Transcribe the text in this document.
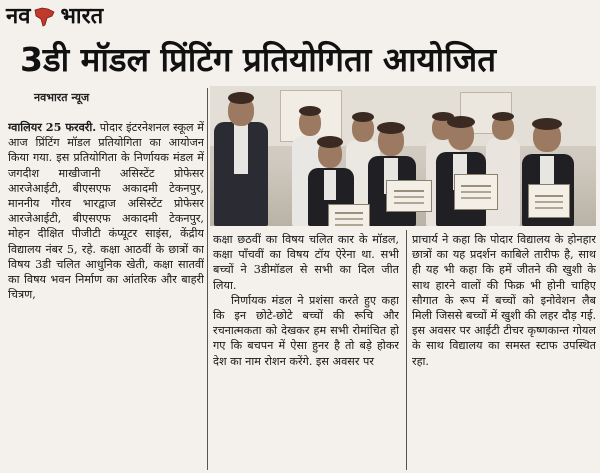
नव भारत
3डी मॉडल प्रिंटिंग प्रतियोगिता आयोजित
नवभारत न्यूज

ग्वालियर 25 फरवरी. पोदार इंटरनेशनल स्कूल में आज प्रिंटिंग मॉडल प्रतियोगिता का आयोजन किया गया. इस प्रतियोगिता के निर्णायक मंडल में जगदीश माखीजानी असिस्टेंट प्रोफेसर आरजेआईटी, बीएसएफ अकादमी टेकनपुर, माननीय गौरव भारद्वाज असिस्टेंट प्रोफेसर आरजेआईटी, बीएसएफ अकादमी टेकनपुर, मोहन दीक्षित पीजीटी कंप्यूटर साइंस, केंद्रीय विद्यालय नंबर 5, रहे. कक्षा आठवीं के छात्रों का विषय 3डी चलित आधुनिक खेती, कक्षा सातवीं का विषय भवन निर्माण का आंतरिक और बाहरी चित्रण,

कक्षा छठवीं का विषय चलित कार के मॉडल, कक्षा पाँचवीं का विषय टॉय ऐरेना था. सभी बच्चों ने 3डीमॉडल से सभी का दिल जीत लिया.

निर्णायक मंडल ने प्रशंसा करते हुए कहा कि इन छोटे-छोटे बच्चों की रूचि और रचनात्मकता को देखकर हम सभी रोमांचित हो गए कि बचपन में ऐसा हुनर है तो बड़े होकर देश का नाम रोशन करेंगे. इस अवसर पर

प्राचार्य ने कहा कि पोदार विद्यालय के होनहार छात्रों का यह प्रदर्शन काबिले तारीफ है, साथ ही यह भी कहा कि हमें जीतने की खुशी के साथ हारने वालों की फिक्र भी होनी चाहिए सौगात के रूप में बच्चों को इनोवेशन लैब मिली जिससे बच्चों में खुशी की लहर दौड़ गई. इस अवसर पर आईटी टीचर कृष्णकान्त गोयल के साथ विद्यालय का समस्त स्टाफ उपस्थित रहा.
